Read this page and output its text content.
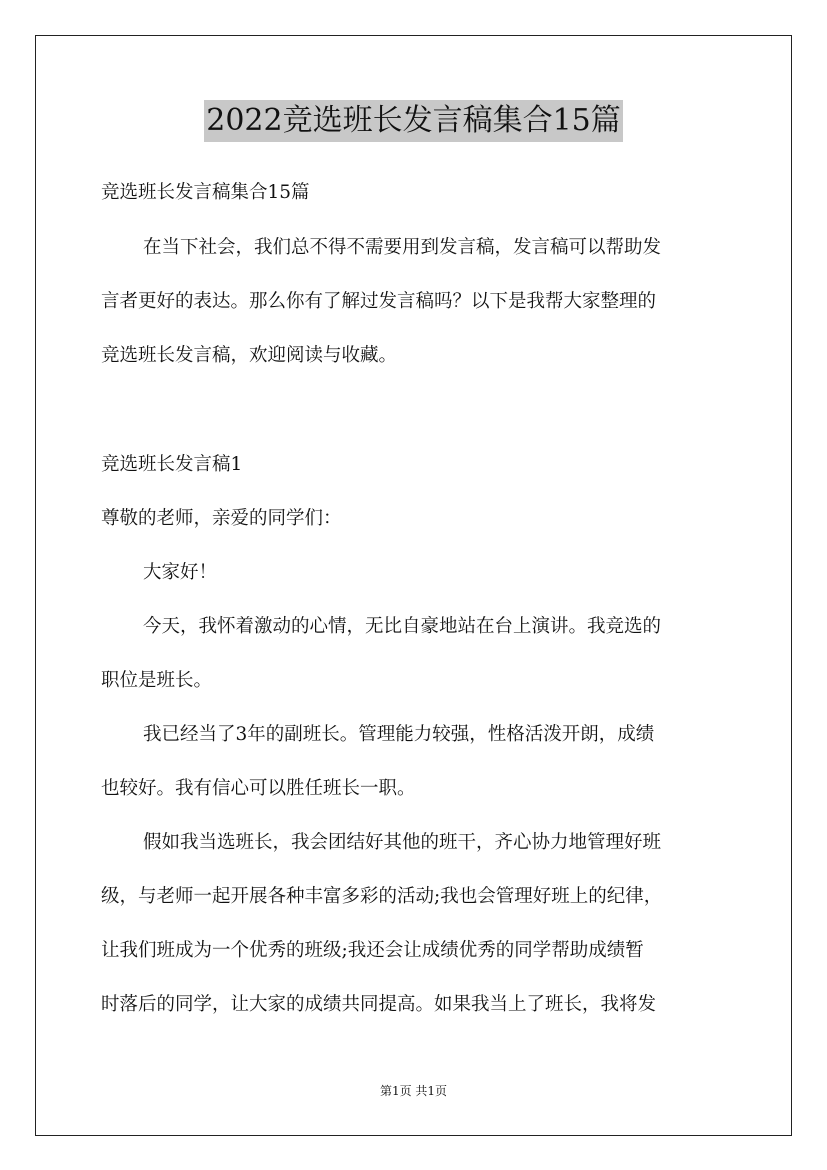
2022竞选班长发言稿集合15篇
竞选班长发言稿集合15篇
在当下社会，我们总不得不需要用到发言稿，发言稿可以帮助发
言者更好的表达。那么你有了解过发言稿吗？以下是我帮大家整理的
竞选班长发言稿，欢迎阅读与收藏。
竞选班长发言稿1
尊敬的老师，亲爱的同学们：
大家好！
今天，我怀着激动的心情，无比自豪地站在台上演讲。我竞选的
职位是班长。
我已经当了3年的副班长。管理能力较强，性格活泼开朗，成绩
也较好。我有信心可以胜任班长一职。
假如我当选班长，我会团结好其他的班干，齐心协力地管理好班
级，与老师一起开展各种丰富多彩的活动;我也会管理好班上的纪律，
让我们班成为一个优秀的班级;我还会让成绩优秀的同学帮助成绩暂
时落后的同学，让大家的成绩共同提高。如果我当上了班长，我将发
第1页 共1页
